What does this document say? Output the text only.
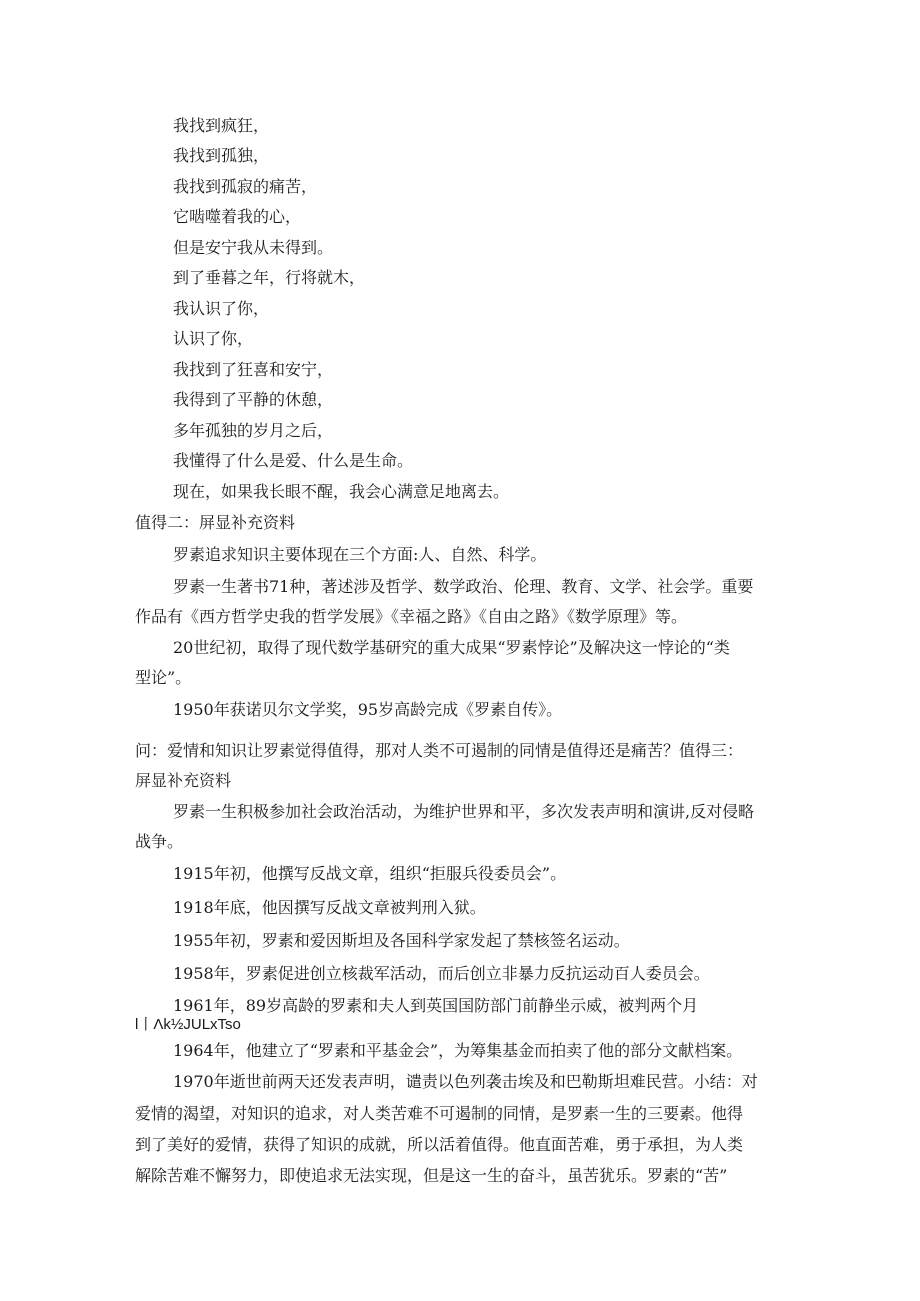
我找到疯狂，
我找到孤独，
我找到孤寂的痛苦，
它啮噬着我的心，
但是安宁我从未得到。
到了垂暮之年，行将就木，
我认识了你，
认识了你，
我找到了狂喜和安宁，
我得到了平静的休憩，
多年孤独的岁月之后，
我懂得了什么是爱、什么是生命。
现在，如果我长眼不醒，我会心满意足地离去。
值得二：屏显补充资料
罗素追求知识主要体现在三个方面:人、自然、科学。
罗素一生著书71种，著述涉及哲学、数学政治、伦理、教育、文学、社会学。重要
作品有《西方哲学史我的哲学发展》《幸福之路》《自由之路》《数学原理》等。
20世纪初，取得了现代数学基研究的重大成果“罗素悖论”及解决这一悖论的“类
型论”。
1950年获诺贝尔文学奖，95岁高龄完成《罗素自传》。
问：爱情和知识让罗素觉得值得，那对人类不可遏制的同情是值得还是痛苦？值得三：
屏显补充资料
罗素一生积极参加社会政治活动，为维护世界和平，多次发表声明和演讲,反对侵略
战争。
1915年初，他撰写反战文章，组织“拒服兵役委员会”。
1918年底，他因撰写反战文章被判刑入狱。
1955年初，罗素和爱因斯坦及各国科学家发起了禁核签名运动。
1958年，罗素促进创立核裁军活动，而后创立非暴力反抗运动百人委员会。
1961年，89岁高龄的罗素和夫人到英国国防部门前静坐示威，被判两个月
l丨Λk½JULxTso
1964年，他建立了“罗素和平基金会”，为筹集基金而拍卖了他的部分文献档案。
1970年逝世前两天还发表声明，谴责以色列袭击埃及和巴勒斯坦难民营。小结：对
爱情的渴望，对知识的追求，对人类苦难不可遏制的同情，是罗素一生的三要素。他得
到了美好的爱情，获得了知识的成就，所以活着值得。他直面苦难，勇于承担，为人类
解除苦难不懈努力，即使追求无法实现，但是这一生的奋斗，虽苦犹乐。罗素的“苦”
